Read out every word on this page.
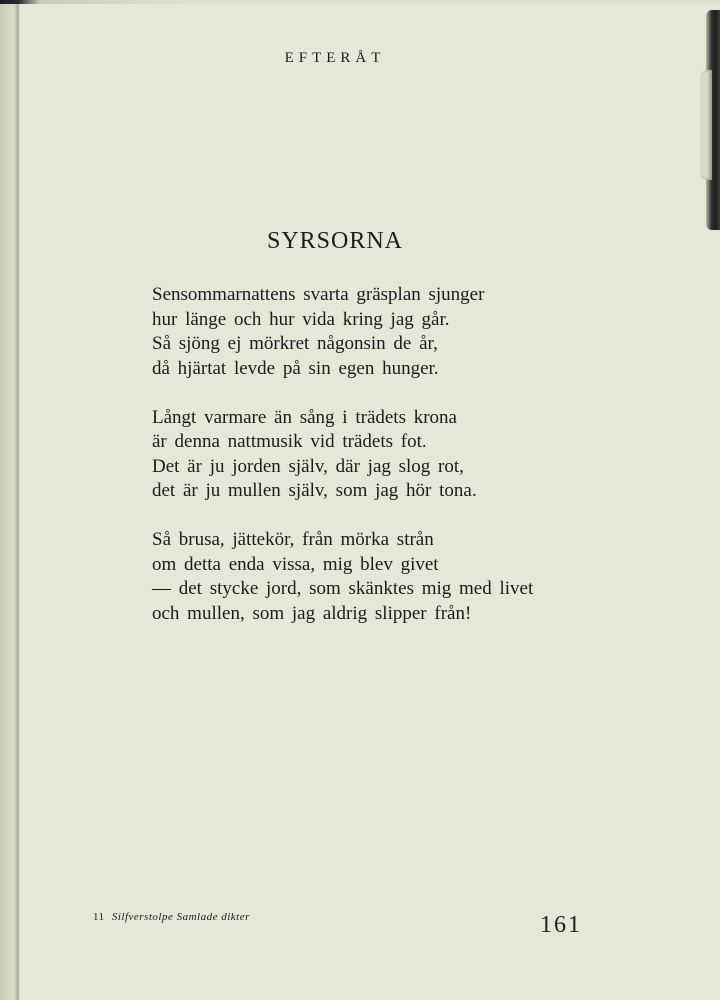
EFTERÅT
SYRSORNA
Sensommarnattens svarta gräsplan sjunger
hur länge och hur vida kring jag går.
Så sjöng ej mörkret någonsin de år,
då hjärtat levde på sin egen hunger.
Långt varmare än sång i trädets krona
är denna nattmusik vid trädets fot.
Det är ju jorden själv, där jag slog rot,
det är ju mullen själv, som jag hör tona.
Så brusa, jättekör, från mörka strån
om detta enda vissa, mig blev givet
— det stycke jord, som skänktes mig med livet
och mullen, som jag aldrig slipper från!
11 Silfverstolpe Samlade dikter	161
